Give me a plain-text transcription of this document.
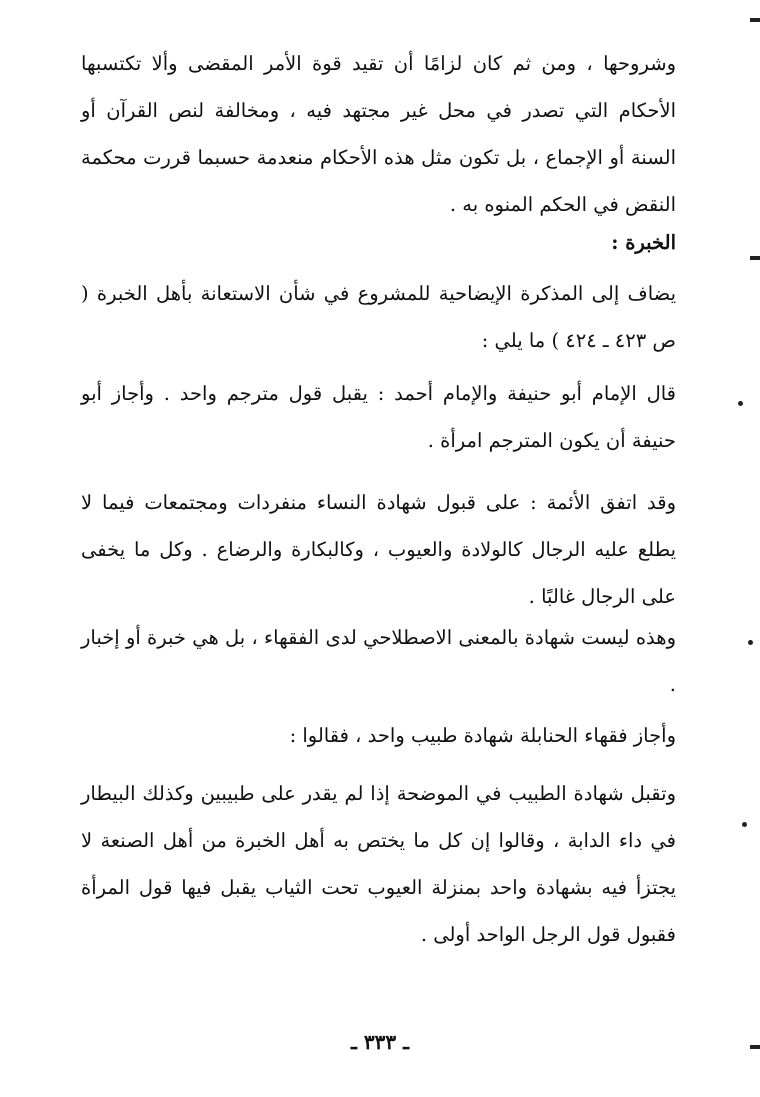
وشروحها ، ومن ثم كان لزامًا أن تقيد قوة الأمر المقضى وألا تكتسبها الأحكام التي تصدر في محل غير مجتهد فيه ، ومخالفة لنص القرآن أو السنة أو الإجماع ، بل تكون مثل هذه الأحكام منعدمة حسبما قررت محكمة النقض في الحكم المنوه به .

الخبرة :

يضاف إلى المذكرة الإيضاحية للمشروع في شأن الاستعانة بأهل الخبرة ( ص ٤٢٣ ـ ٤٢٤ ) ما يلي :

قال الإمام أبو حنيفة والإمام أحمد : يقبل قول مترجم واحد . وأجاز أبو حنيفة أن يكون المترجم امرأة .

وقد اتفق الأئمة : على قبول شهادة النساء منفردات ومجتمعات فيما لا يطلع عليه الرجال كالولادة والعيوب ، وكالبكارة والرضاع . وكل ما يخفى على الرجال غالبًا .

وهذه ليست شهادة بالمعنى الاصطلاحي لدى الفقهاء ، بل هي خبرة أو إخبار .

وأجاز فقهاء الحنابلة شهادة طبيب واحد ، فقالوا :

وتقبل شهادة الطبيب في الموضحة إذا لم يقدر على طبيبين وكذلك البيطار في داء الدابة ، وقالوا إن كل ما يختص به أهل الخبرة من أهل الصنعة لا يجتزأ فيه بشهادة واحد بمنزلة العيوب تحت الثياب يقبل فيها قول المرأة فقبول قول الرجل الواحد أولى .

ـ ٣٣٣ ـ
